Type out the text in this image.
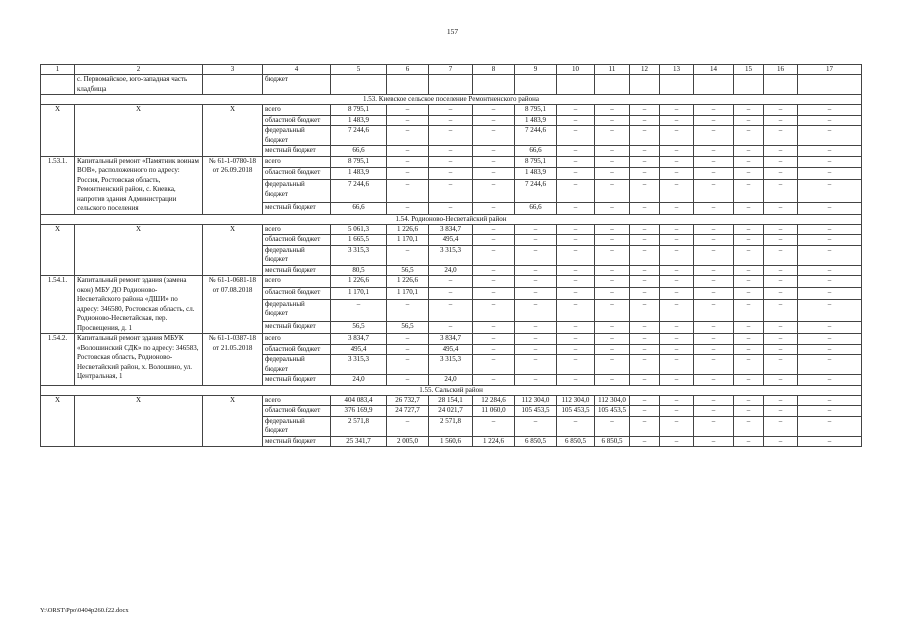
157
1	2	3	4	5	6	7	8	9	10	11	12	13	14	15	16	17
	с. Первомайское, юго-западная часть кладбища		бюджет													
1.53. Киевское сельское поселение Ремонтненского района																
Х	Х	Х	всего	8 795,1	–	–	–	8 795,1	–	–	–	–	–	–	–	–
			областной бюджет	1 483,9	–	–	–	1 483,9	–	–	–	–	–	–	–	–
			федеральный бюджет	7 244,6	–	–	–	7 244,6	–	–	–	–	–	–	–	–
			местный бюджет	66,6	–	–	–	66,6	–	–	–	–	–	–	–	–
1.53.1.	Капитальный ремонт «Памятник воинам ВОВ», расположенного по адресу: Россия, Ростовская область, Ремонтненский район, с. Киевка, напротив здания Администрации сельского поселения	№ 61-1-0780-18 от 26.09.2018	всего	8 795,1	–	–	–	8 795,1	–	–	–	–	–	–	–	–
			областной бюджет	1 483,9	–	–	–	1 483,9	–	–	–	–	–	–	–	–
			федеральный бюджет	7 244,6	–	–	–	7 244,6	–	–	–	–	–	–	–	–
			местный бюджет	66,6	–	–	–	66,6	–	–	–	–	–	–	–	–
1.54. Родионово-Несветайский район																
Х	Х	Х	всего	5 061,3	1 226,6	3 834,7	–	–	–	–	–	–	–	–	–	–
			областной бюджет	1 665,5	1 170,1	495,4	–	–	–	–	–	–	–	–	–	–
			федеральный бюджет	3 315,3	–	3 315,3	–	–	–	–	–	–	–	–	–	–
			местный бюджет	80,5	56,5	24,0	–	–	–	–	–	–	–	–	–	–
1.54.1.	Капитальный ремонт здания (замена окон) МБУ ДО Родионово-Несветайского района «ДШИ» по адресу: 346580, Ростовская область, сл. Родионово-Несветайская, пер. Просвещения, д. 1	№ 61-1-0681-18 от 07.08.2018	всего	1 226,6	1 226,6	–	–	–	–	–	–	–	–	–	–	–
			областной бюджет	1 170,1	1 170,1	–	–	–	–	–	–	–	–	–	–	–
			федеральный бюджет	–	–	–	–	–	–	–	–	–	–	–	–	–
			местный бюджет	56,5	56,5	–	–	–	–	–	–	–	–	–	–	–
1.54.2.	Капитальный ремонт здания МБУК «Волошинский СДК» по адресу: 346583, Ростовская область, Родионово-Несветайский район, х. Волошино, ул. Центральная, 1	№ 61-1-0387-18 от 21.05.2018	всего	3 834,7	–	3 834,7	–	–	–	–	–	–	–	–	–	–
			областной бюджет	495,4	–	495,4	–	–	–	–	–	–	–	–	–	–
			федеральный бюджет	3 315,3	–	3 315,3	–	–	–	–	–	–	–	–	–	–
			местный бюджет	24,0	–	24,0	–	–	–	–	–	–	–	–	–	–
1.55. Сальский район																
Х	Х	Х	всего	404 083,4	26 732,7	28 154,1	12 284,6	112 304,0	112 304,0	112 304,0	–	–	–	–	–	–
			областной бюджет	376 169,9	24 727,7	24 021,7	11 060,0	105 453,5	105 453,5	105 453,5	–	–	–	–	–	–
			федеральный бюджет	2 571,8	–	2 571,8	–	–	–	–	–	–	–	–	–	–
			местный бюджет	25 341,7	2 005,0	1 560,6	1 224,6	6 850,5	6 850,5	6 850,5	–	–	–	–	–	–
Y:\ORST\Ppo\0404p260.f22.docx
